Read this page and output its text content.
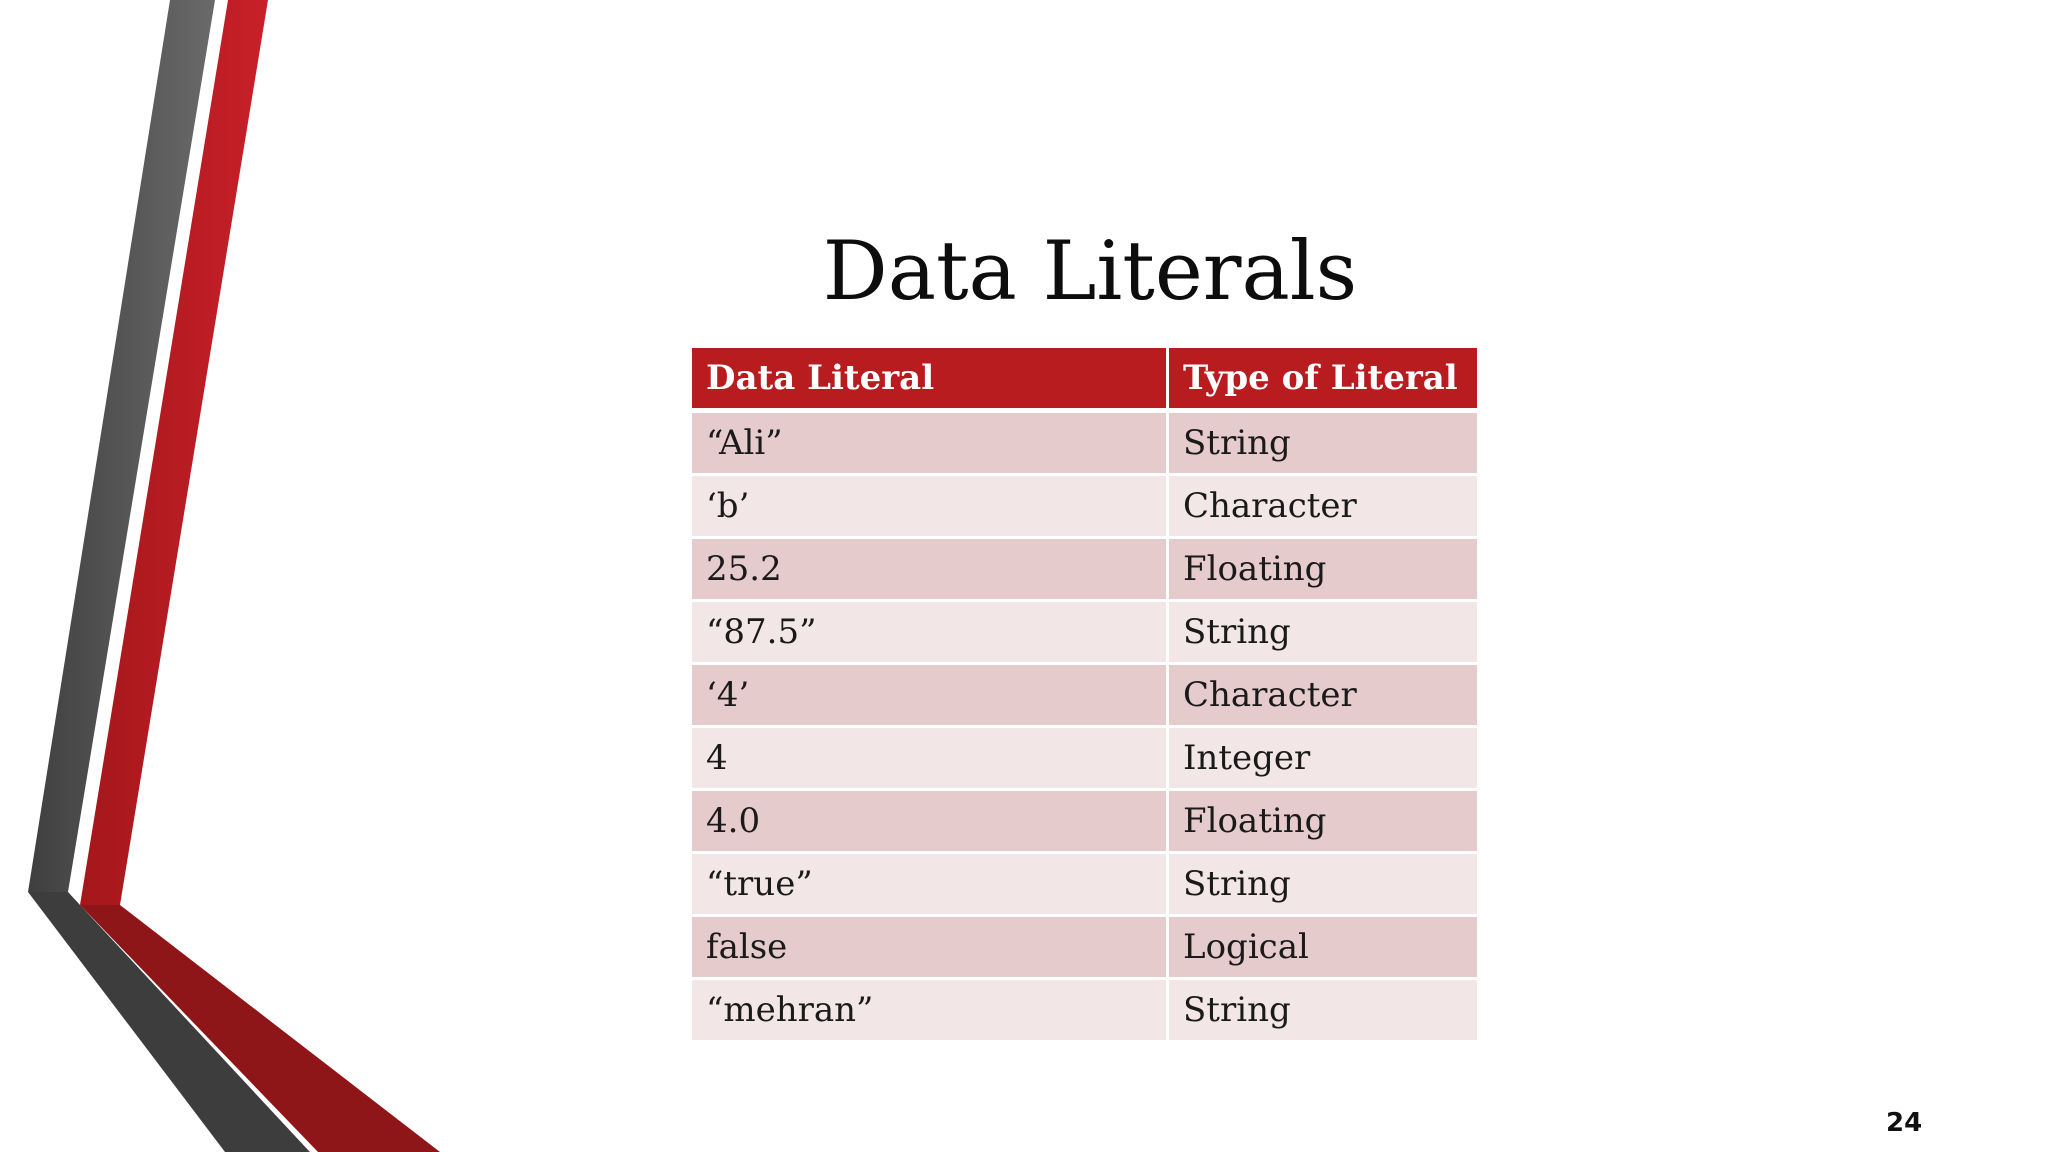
Data Literals
Data Literal	Type of Literal
“Ali”	String
‘b’	Character
25.2	Floating
“87.5”	String
‘4’	Character
4	Integer
4.0	Floating
“true”	String
false	Logical
“mehran”	String
24
